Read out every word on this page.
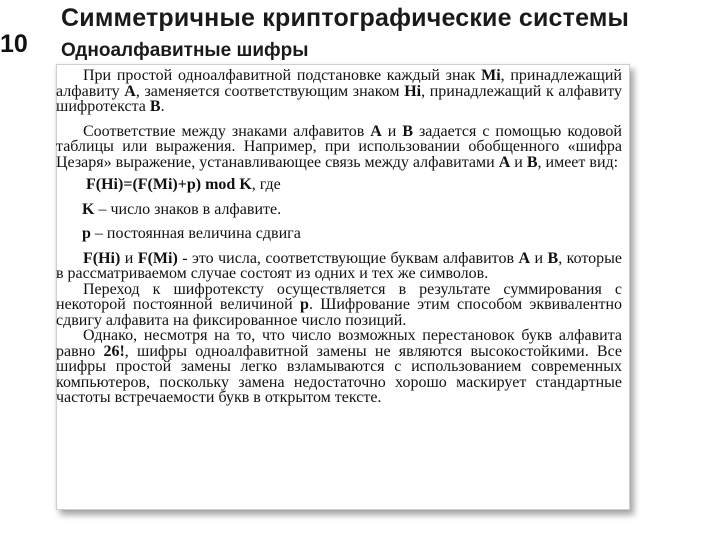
10
Симметричные криптографические системы
Одноалфавитные шифры

При простой одноалфавитной подстановке каждый знак Mi, принадлежащий алфавиту A, заменяется соответствующим знаком Hi, принадлежащий к алфавиту шифротекста B.

Соответствие между знаками алфавитов A и B задается с помощью кодовой таблицы или выражения. Например, при использовании обобщенного «шифра Цезаря» выражение, устанавливающее связь между алфавитами A и B, имеет вид:

F(Hi)=(F(Mi)+p) mod K, где

K – число знаков в алфавите.

p – постоянная величина сдвига

F(Hi) и F(Mi) - это числа, соответствующие буквам алфавитов A и B, которые в рассматриваемом случае состоят из одних и тех же символов.

Переход к шифротексту осуществляется в результате суммирования с некоторой постоянной величиной p. Шифрование этим способом эквивалентно сдвигу алфавита на фиксированное число позиций.

Однако, несмотря на то, что число возможных перестановок букв алфавита равно 26!, шифры одноалфавитной замены не являются высокостойкими. Все шифры простой замены легко взламываются с использованием современных компьютеров, поскольку замена недостаточно хорошо маскирует стандартные частоты встречаемости букв в открытом тексте.
